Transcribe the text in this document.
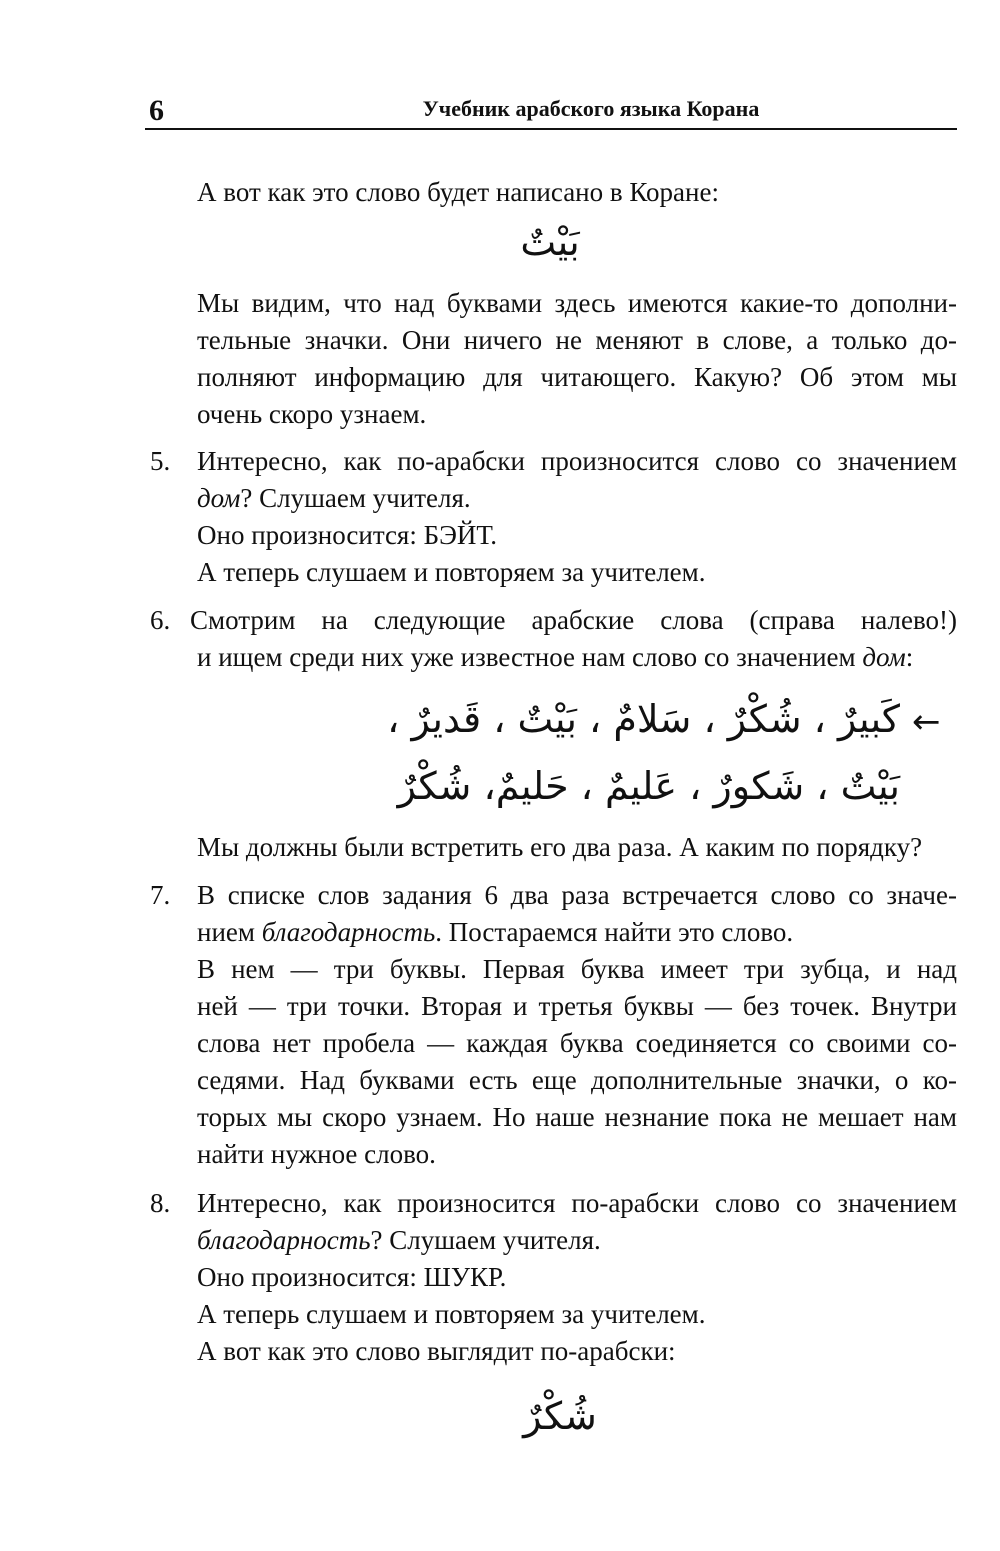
6	Учебник арабского языка Корана
А вот как это слово будет написано в Коране:
بَيْتٌ
Мы видим, что над буквами здесь имеются какие-то дополни-
тельные значки. Они ничего не меняют в слове, а только до-
полняют информацию для читающего. Какую? Об этом мы
очень скоро узнаем.
5. Интересно, как по-арабски произносится слово со значением
дом? Слушаем учителя.
Оно произносится: БЭЙТ.
А теперь слушаем и повторяем за учителем.
6. Смотрим на следующие арабские слова (справа налево!)
и ищем среди них уже известное нам слово со значением дом:
←
كَبيرٌ ، شُكْرٌ ، سَلامٌ ، بَيْتٌ ، قَديرٌ ،
بَيْتٌ ، شَكورٌ ، عَليمٌ ، حَليمٌ، شُكْرٌ
Мы должны были встретить его два раза. А каким по порядку?
7. В списке слов задания 6 два раза встречается слово со значе-
нием благодарность. Постараемся найти это слово.
В нем — три буквы. Первая буква имеет три зубца, и над
ней — три точки. Вторая и третья буквы — без точек. Внутри
слова нет пробела — каждая буква соединяется со своими со-
седями. Над буквами есть еще дополнительные значки, о ко-
торых мы скоро узнаем. Но наше незнание пока не мешает нам
найти нужное слово.
8. Интересно, как произносится по-арабски слово со значением
благодарность? Слушаем учителя.
Оно произносится: ШУКР.
А теперь слушаем и повторяем за учителем.
А вот как это слово выглядит по-арабски:
شُكْرٌ
